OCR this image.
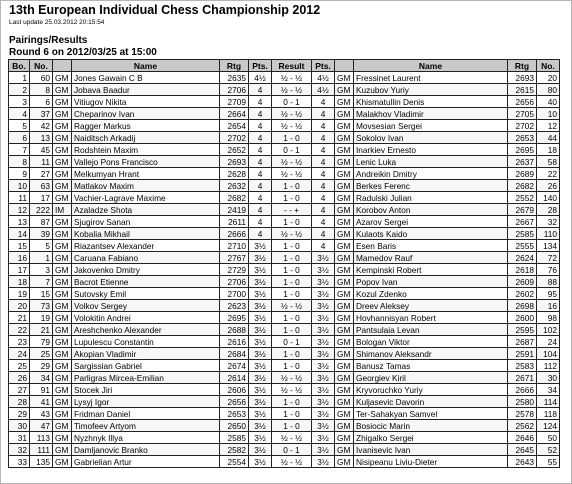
13th European Individual Chess Championship 2012
Last update 25.03.2012 20:15:54
Pairings/Results
Round 6 on 2012/03/25 at 15:00
Bo.	No.		Name	Rtg	Pts.	Result	Pts.		Name	Rtg	No.
1	60	GM	Jones Gawain C B	2635	4½	½ - ½	4½	GM	Fressinet Laurent	2693	20
2	8	GM	Jobava Baadur	2706	4	½ - ½	4½	GM	Kuzubov Yuriy	2615	80
3	6	GM	Vitiugov Nikita	2709	4	0 - 1	4	GM	Khismatullin Denis	2656	40
4	37	GM	Cheparinov Ivan	2664	4	½ - ½	4	GM	Malakhov Vladimir	2705	10
5	42	GM	Ragger Markus	2654	4	½ - ½	4	GM	Movsesian Sergei	2702	12
6	13	GM	Naiditsch Arkadij	2702	4	1 - 0	4	GM	Sokolov Ivan	2653	44
7	45	GM	Rodshtein Maxim	2652	4	0 - 1	4	GM	Inarkiev Ernesto	2695	18
8	11	GM	Vallejo Pons Francisco	2693	4	½ - ½	4	GM	Lenic Luka	2637	58
9	27	GM	Melkumyan Hrant	2628	4	½ - ½	4	GM	Andreikin Dmitry	2689	22
10	63	GM	Matlakov Maxim	2632	4	1 - 0	4	GM	Berkes Ferenc	2682	26
11	17	GM	Vachier-Lagrave Maxime	2682	4	1 - 0	4	GM	Radulski Julian	2552	140
12	222	IM	Azaladze Shota	2419	4	- - +	4	GM	Korobov Anton	2679	28
13	87	GM	Sjugirov Sanan	2611	4	1 - 0	4	GM	Azarov Sergei	2667	32
14	39	GM	Kobalia Mikhail	2666	4	½ - ½	4	GM	Kulaots Kaido	2585	110
15	5	GM	Riazantsev Alexander	2710	3½	1 - 0	4	GM	Esen Baris	2555	134
16	1	GM	Caruana Fabiano	2767	3½	1 - 0	3½	GM	Mamedov Rauf	2624	72
17	3	GM	Jakovenko Dmitry	2729	3½	1 - 0	3½	GM	Kempinski Robert	2618	76
18	7	GM	Bacrot Etienne	2706	3½	1 - 0	3½	GM	Popov Ivan	2609	88
19	15	GM	Sutovsky Emil	2700	3½	1 - 0	3½	GM	Kozul Zdenko	2602	95
20	73	GM	Volkov Sergey	2623	3½	½ - ½	3½	GM	Dreev Aleksey	2698	16
21	19	GM	Volokitin Andrei	2695	3½	1 - 0	3½	GM	Hovhannisyan Robert	2600	98
22	21	GM	Areshchenko Alexander	2688	3½	1 - 0	3½	GM	Pantsulaia Levan	2595	102
23	79	GM	Lupulescu Constantin	2616	3½	0 - 1	3½	GM	Bologan Viktor	2687	24
24	25	GM	Akopian Vladimir	2684	3½	1 - 0	3½	GM	Shimanov Aleksandr	2591	104
25	29	GM	Sargissian Gabriel	2674	3½	1 - 0	3½	GM	Banusz Tamas	2583	112
26	34	GM	Parligras Mircea-Emilian	2614	3½	½ - ½	3½	GM	Georgiev Kiril	2671	30
27	91	GM	Stocek Jiri	2606	3½	½ - ½	3½	GM	Kryvoruchko Yuriy	2666	34
28	41	GM	Lysyj Igor	2656	3½	1 - 0	3½	GM	Kuljasevic Davorin	2580	114
29	43	GM	Fridman Daniel	2653	3½	1 - 0	3½	GM	Ter-Sahakyan Samvel	2578	118
30	47	GM	Timofeev Artyom	2650	3½	1 - 0	3½	GM	Bosiocic Marin	2562	124
31	113	GM	Nyzhnyk Illya	2585	3½	½ - ½	3½	GM	Zhigalko Sergei	2646	50
32	111	GM	Damljanovic Branko	2582	3½	0 - 1	3½	GM	Ivanisevic Ivan	2645	52
33	135	GM	Gabrielian Artur	2554	3½	½ - ½	3½	GM	Nisipeanu Liviu-Dieter	2643	55
